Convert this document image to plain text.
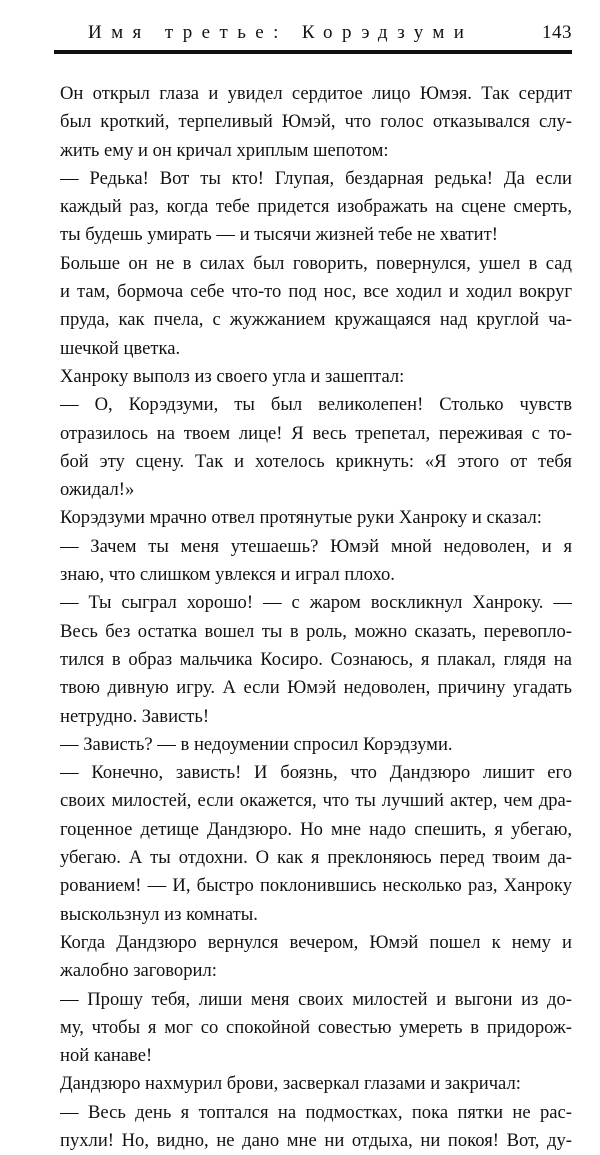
Имя третье: Корэдзуми	143
Он открыл глаза и увидел сердитое лицо Юмэя. Так сердит
был кроткий, терпеливый Юмэй, что голос отказывался слу-
жить ему и он кричал хриплым шепотом:
— Редька! Вот ты кто! Глупая, бездарная редька! Да если
каждый раз, когда тебе придется изображать на сцене смерть,
ты будешь умирать — и тысячи жизней тебе не хватит!
Больше он не в силах был говорить, повернулся, ушел в сад
и там, бормоча себе что-то под нос, все ходил и ходил вокруг
пруда, как пчела, с жужжанием кружащаяся над круглой ча-
шечкой цветка.
Ханроку выполз из своего угла и зашептал:
— О, Корэдзуми, ты был великолепен! Столько чувств
отразилось на твоем лице! Я весь трепетал, переживая с то-
бой эту сцену. Так и хотелось крикнуть: «Я этого от тебя
ожидал!»
Корэдзуми мрачно отвел протянутые руки Ханроку и сказал:
— Зачем ты меня утешаешь? Юмэй мной недоволен, и я
знаю, что слишком увлекся и играл плохо.
— Ты сыграл хорошо! — с жаром воскликнул Ханроку. —
Весь без остатка вошел ты в роль, можно сказать, перевопло-
тился в образ мальчика Косиро. Сознаюсь, я плакал, глядя на
твою дивную игру. А если Юмэй недоволен, причину угадать
нетрудно. Зависть!
— Зависть? — в недоумении спросил Корэдзуми.
— Конечно, зависть! И боязнь, что Дандзюро лишит его
своих милостей, если окажется, что ты лучший актер, чем дра-
гоценное детище Дандзюро. Но мне надо спешить, я убегаю,
убегаю. А ты отдохни. О как я преклоняюсь перед твоим да-
рованием! — И, быстро поклонившись несколько раз, Ханроку
выскользнул из комнаты.
Когда Дандзюро вернулся вечером, Юмэй пошел к нему и
жалобно заговорил:
— Прошу тебя, лиши меня своих милостей и выгони из до-
му, чтобы я мог со спокойной совестью умереть в придорож-
ной канаве!
Дандзюро нахмурил брови, засверкал глазами и закричал:
— Весь день я топтался на подмостках, пока пятки не рас-
пухли! Но, видно, не дано мне ни отдыха, ни покоя! Вот, ду-
